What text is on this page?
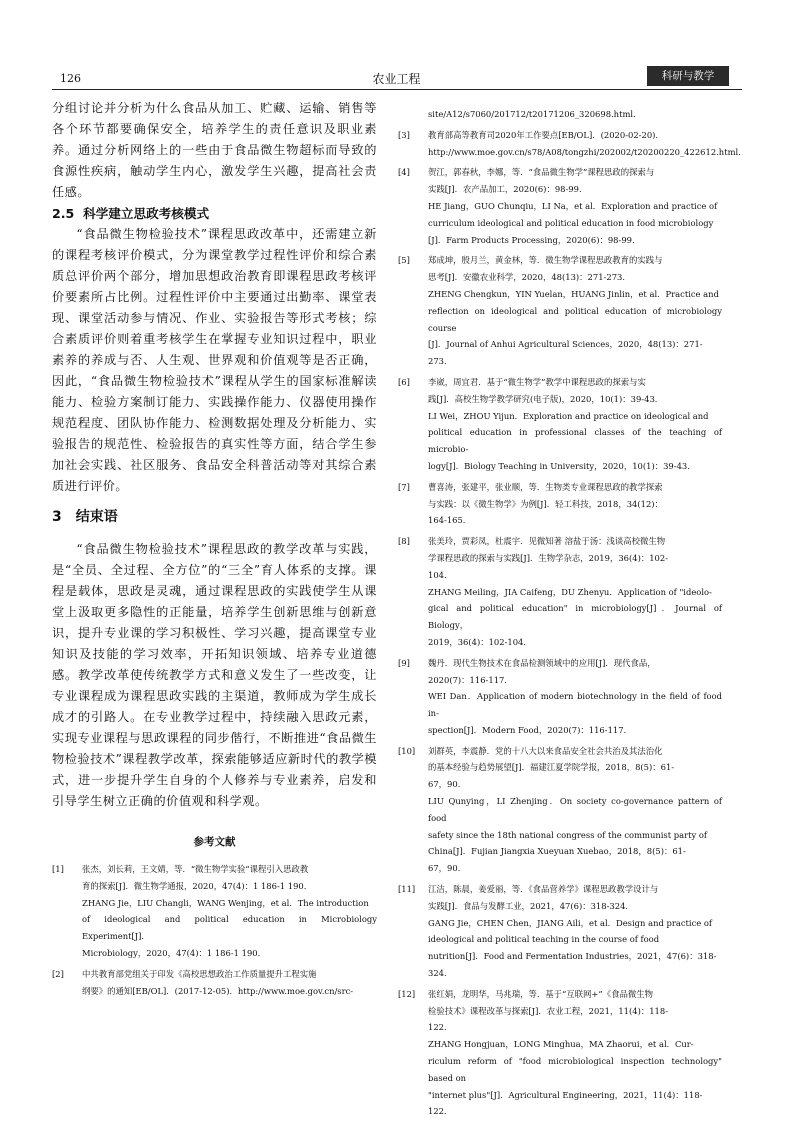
126	农业工程	科研与教学

分组讨论并分析为什么食品从加工、贮藏、运输、销售等各个环节都要确保安全，培养学生的责任意识及职业素养。通过分析网络上的一些由于食品微生物超标而导致的食源性疾病，触动学生内心，激发学生兴趣，提高社会责任感。

2.5 科学建立思政考核模式

“食品微生物检验技术”课程思政改革中，还需建立新的课程考核评价模式，分为课堂教学过程性评价和综合素质总评价两个部分，增加思想政治教育即课程思政考核评价要素所占比例。过程性评价中主要通过出勤率、课堂表现、课堂活动参与情况、作业、实验报告等形式考核；综合素质评价则着重考核学生在掌握专业知识过程中，职业素养的养成与否、人生观、世界观和价值观等是否正确，因此，“食品微生物检验技术”课程从学生的国家标准解读能力、检验方案制订能力、实践操作能力、仪器使用操作规范程度、团队协作能力、检测数据处理及分析能力、实验报告的规范性、检验报告的真实性等方面，结合学生参加社会实践、社区服务、食品安全科普活动等对其综合素质进行评价。

3 结束语

“食品微生物检验技术”课程思政的教学改革与实践，是“全员、全过程、全方位”的“三全”育人体系的支撑。课程是载体，思政是灵魂，通过课程思政的实践使学生从课堂上汲取更多隐性的正能量，培养学生创新思维与创新意识，提升专业课的学习积极性、学习兴趣，提高课堂专业知识及技能的学习效率，开拓知识领域、培养专业道德感。教学改革使传统教学方式和意义发生了一些改变，让专业课程成为课程思政实践的主渠道，教师成为学生成长成才的引路人。在专业教学过程中，持续融入思政元素，实现专业课程与思政课程的同步偕行，不断推进“食品微生物检验技术”课程教学改革，探索能够适应新时代的教学模式，进一步提升学生自身的个人修养与专业素养，启发和引导学生树立正确的价值观和科学观。

参考文献
[1] 张杰，刘长莉，王文婧，等．“微生物学实验”课程引入思政教
育的探索[J]．微生物学通报，2020，47(4)：1 186-1 190．
ZHANG Jie，LIU Changli，WANG Wenjing，et al．The introduction
of ideological and political education in Microbiology Experiment[J]．
Microbiology，2020，47(4)：1 186-1 190．
[2] 中共教育部党组关于印发《高校思想政治工作质量提升工程实施
纲要》的通知[EB/OL]．(2017-12-05)．http://www.moe.gov.cn/src-
site/A12/s7060/201712/t20171206_320698.html．
[3] 教育部高等教育司2020年工作要点[EB/OL]．(2020-02-20)．
http://www.moe.gov.cn/s78/A08/tongzhi/202002/t20200220_422612.html．
[4] 贺江，郭春秋，李娜，等．“食品微生物学”课程思政的探索与
实践[J]．农产品加工，2020(6)：98-99．
HE Jiang，GUO Chunqiu，LI Na，et al．Exploration and practice of
curriculum ideological and political education in food microbiology
[J]．Farm Products Processing，2020(6)：98-99．
[5] 郑成坤，殷月兰，黄金林，等．微生物学课程思政教育的实践与
思考[J]．安徽农业科学，2020，48(13)：271-273．
ZHENG Chengkun，YIN Yuelan，HUANG Jinlin，et al．Practice and
reflection on ideological and political education of microbiology course
[J]．Journal of Anhui Agricultural Sciences，2020，48(13)：271-
273．
[6] 李崴，周宜君．基于“微生物学”教学中课程思政的探索与实
践[J]．高校生物学教学研究(电子版)，2020，10(1)：39-43．
LI Wei，ZHOU Yijun．Exploration and practice on ideological and
political education in professional classes of the teaching of microbio-
logy[J]．Biology Teaching in University，2020，10(1)：39-43．
[7] 曹喜涛，张建平，张业顺，等．生物类专业课程思政的教学探索
与实践：以《微生物学》为例[J]．轻工科技，2018，34(12)：
164-165．
[8] 张美玲，贾彩凤，杜震宇．见微知著 溶盐于汤：浅谈高校微生物
学课程思政的探索与实践[J]．生物学杂志，2019，36(4)：102-
104．
ZHANG Meiling，JIA Caifeng，DU Zhenyu．Application of "ideolo-
gical and political education" in microbiology[J]．Journal of Biology，
2019，36(4)：102-104．
[9] 魏丹．现代生物技术在食品检测领域中的应用[J]．现代食品，
2020(7)：116-117．
WEI Dan．Application of modern biotechnology in the field of food in-
spection[J]．Modern Food，2020(7)：116-117．
[10] 刘群英，李震静．党的十八大以来食品安全社会共治及其法治化
的基本经验与趋势展望[J]．福建江夏学院学报，2018，8(5)：61-
67，90．
LIU Qunying，LI Zhenjing．On society co-governance pattern of food
safety since the 18th national congress of the communist party of
China[J]．Fujian Jiangxia Xueyuan Xuebao，2018，8(5)：61-
67，90．
[11] 江洁，陈晨，姜爱丽，等．《食品营养学》课程思政教学设计与
实践[J]．食品与发酵工业，2021，47(6)：318-324．
GANG Jie，CHEN Chen，JIANG Aili，et al．Design and practice of
ideological and political teaching in the course of food
nutrition[J]．Food and Fermentation Industries，2021，47(6)：318-
324．
[12] 张红娟，龙明华，马兆瑞，等．基于“互联网+”《食品微生物
检验技术》课程改革与探索[J]．农业工程，2021，11(4)：118-
122．
ZHANG Hongjuan，LONG Minghua，MA Zhaorui，et al．Cur-
riculum reform of "food microbiological inspection technology" based on
"internet plus"[J]．Agricultural Engineering，2021，11(4)：118-
122．
